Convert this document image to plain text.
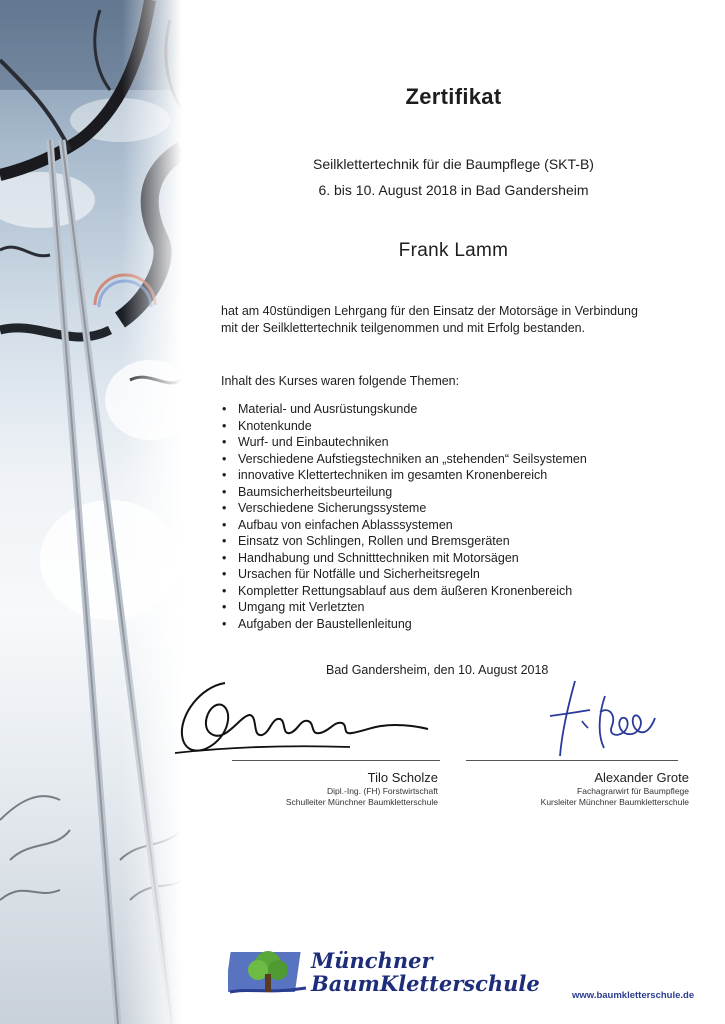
Zertifikat
Seilklettertechnik für die Baumpflege (SKT-B)
6. bis 10. August 2018 in Bad Gandersheim
Frank Lamm
hat am 40stündigen Lehrgang für den Einsatz der Motorsäge in Verbindung
mit der Seilklettertechnik teilgenommen und mit Erfolg bestanden.
Inhalt des Kurses waren folgende Themen:
• Material- und Ausrüstungskunde
• Knotenkunde
• Wurf- und Einbautechniken
• Verschiedene Aufstiegstechniken an „stehenden“ Seilsystemen
• innovative Klettertechniken im gesamten Kronenbereich
• Baumsicherheitsbeurteilung
• Verschiedene Sicherungssysteme
• Aufbau von einfachen Ablasssystemen
• Einsatz von Schlingen, Rollen und Bremsgeräten
• Handhabung und Schnitttechniken mit Motorsägen
• Ursachen für Notfälle und Sicherheitsregeln
• Kompletter Rettungsablauf aus dem äußeren Kronenbereich
• Umgang mit Verletzten
• Aufgaben der Baustellenleitung
Bad Gandersheim, den 10. August 2018
Tilo Scholze
Dipl.-Ing. (FH) Forstwirtschaft
Schulleiter Münchner Baumkletterschule
Alexander Grote
Fachagrarwirt für Baumpflege
Kursleiter Münchner Baumkletterschule
Münchner
BaumKletterschule	www.baumkletterschule.de
